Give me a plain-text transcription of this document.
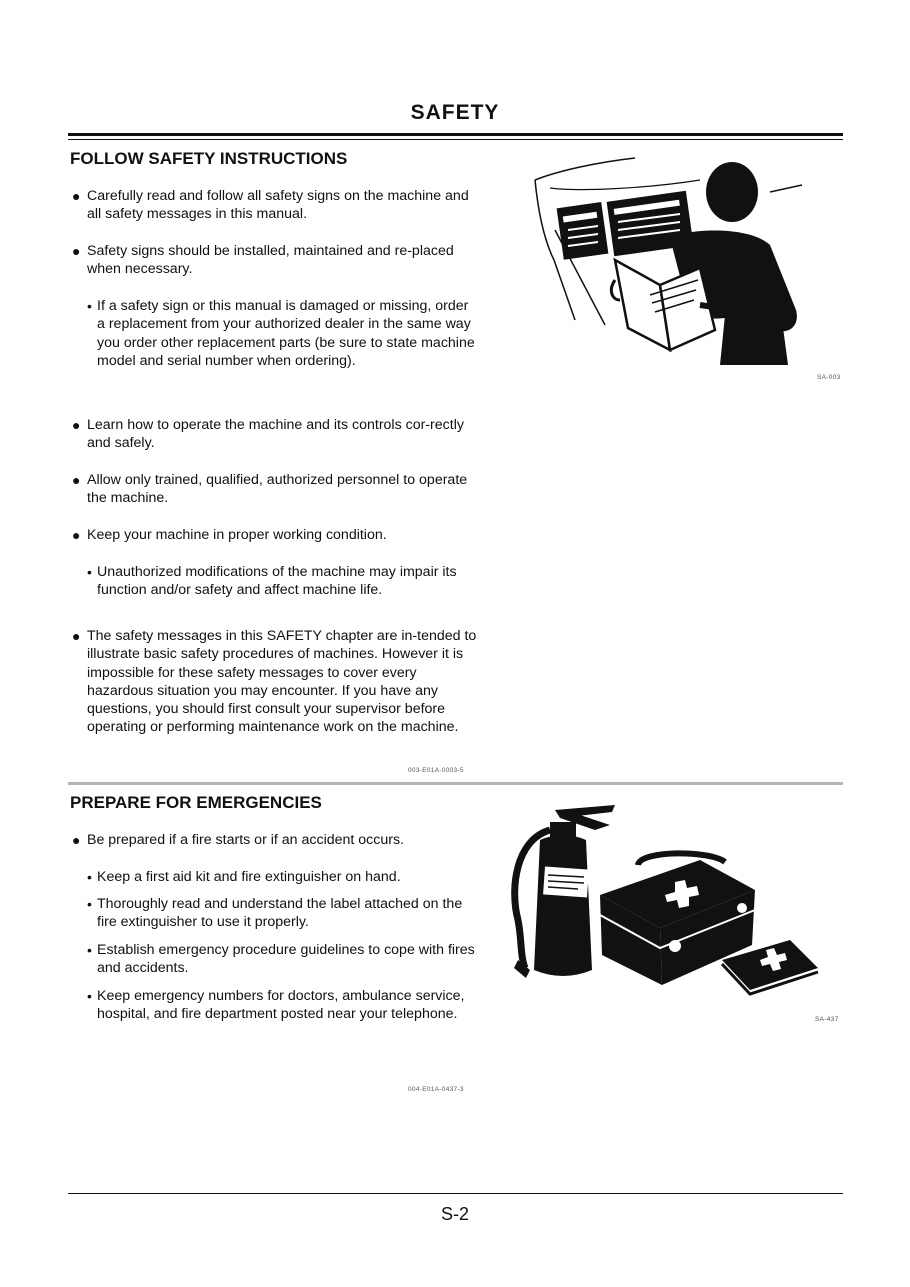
SAFETY
FOLLOW SAFETY INSTRUCTIONS
● Carefully read and follow all safety signs on the machine and all safety messages in this manual.
● Safety signs should be installed, maintained and re-placed when necessary.
• If a safety sign or this manual is damaged or missing, order a replacement from your authorized dealer in the same way you order other replacement parts (be sure to state machine model and serial number when ordering).
● Learn how to operate the machine and its controls cor-rectly and safely.
● Allow only trained, qualified, authorized personnel to operate the machine.
● Keep your machine in proper working condition.
• Unauthorized modifications of the machine may impair its function and/or safety and affect machine life.
● The safety messages in this SAFETY chapter are in-tended to illustrate basic safety procedures of machines. However it is impossible for these safety messages to cover every hazardous situation you may encounter. If you have any questions, you should first consult your supervisor before operating or performing maintenance work on the machine.
003-E01A-0003-5
SA-003
PREPARE FOR EMERGENCIES
● Be prepared if a fire starts or if an accident occurs.
• Keep a first aid kit and fire extinguisher on hand.
• Thoroughly read and understand the label attached on the fire extinguisher to use it properly.
• Establish emergency procedure guidelines to cope with fires and accidents.
• Keep emergency numbers for doctors, ambulance service, hospital, and fire department posted near your telephone.
004-E01A-0437-3
SA-437
S-2
